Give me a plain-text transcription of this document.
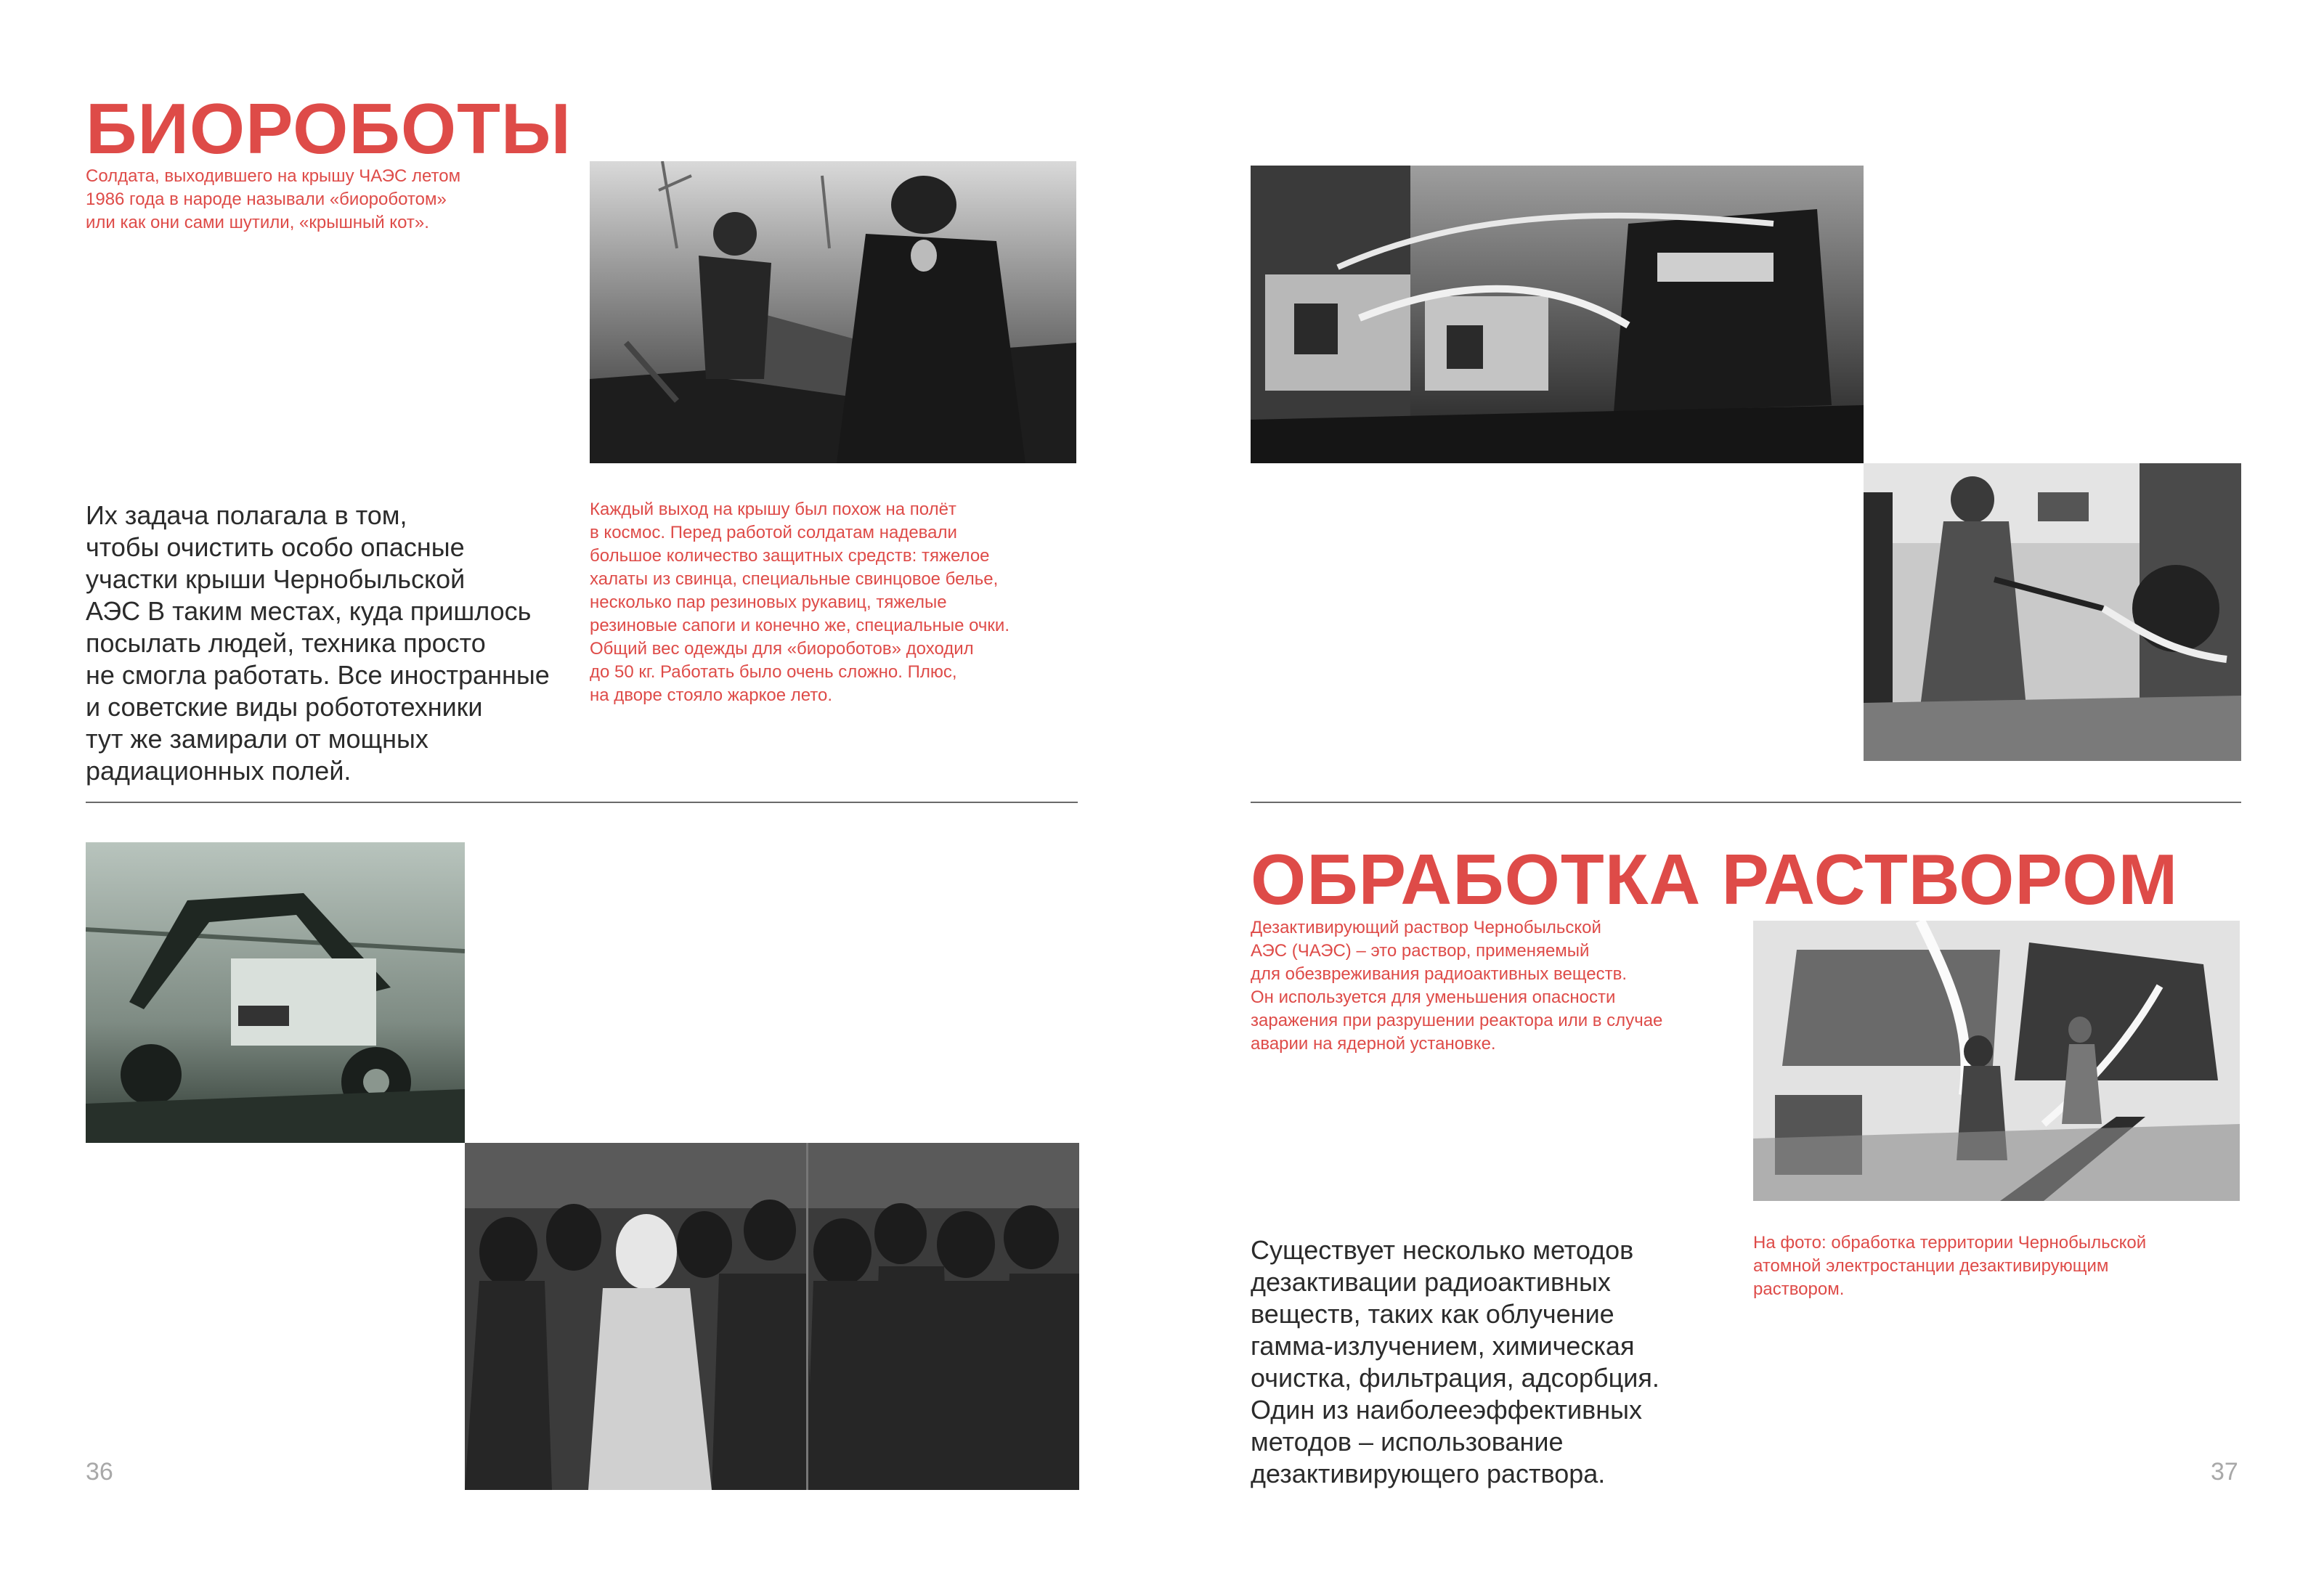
БИОРОБОТЫ
Солдата, выходившего на крышу ЧАЭС летом
1986 года в народе называли «биороботом»
или как они сами шутили, «крышный кот».
Их задача полагала в том,
чтобы очистить особо опасные
участки крыши Чернобыльской
АЭС В таким местах, куда пришлось
посылать людей, техника просто
не смогла работать. Все иностранные
и советские виды робототехники
тут же замирали от мощных
радиационных полей.
Каждый выход на крышу был похож на полёт
в космос. Перед работой солдатам надевали
большое количество защитных средств: тяжелое
халаты из свинца, специальные свинцовое белье,
несколько пар резиновых рукавиц, тяжелые
резиновые сапоги и конечно же, специальные очки.
Общий вес одежды для «биороботов» доходил
до 50 кг. Работать было очень сложно. Плюс,
на дворе стояло жаркое лето.
36
ОБРАБОТКА РАСТВОРОМ
Дезактивирующий раствор Чернобыльской
АЭС (ЧАЭС) – это раствор, применяемый
для обезвреживания радиоактивных веществ.
Он используется для уменьшения опасности
заражения при разрушении реактора или в случае
аварии на ядерной установке.
Существует несколько методов
дезактивации радиоактивных
веществ, таких как облучение
гамма-излучением, химическая
очистка, фильтрация, адсорбция.
Один из наиболееэффективных
методов – использование
дезактивирующего раствора.
На фото: обработка территории Чернобыльской
атомной электростанции дезактивирующим
раствором.
37
